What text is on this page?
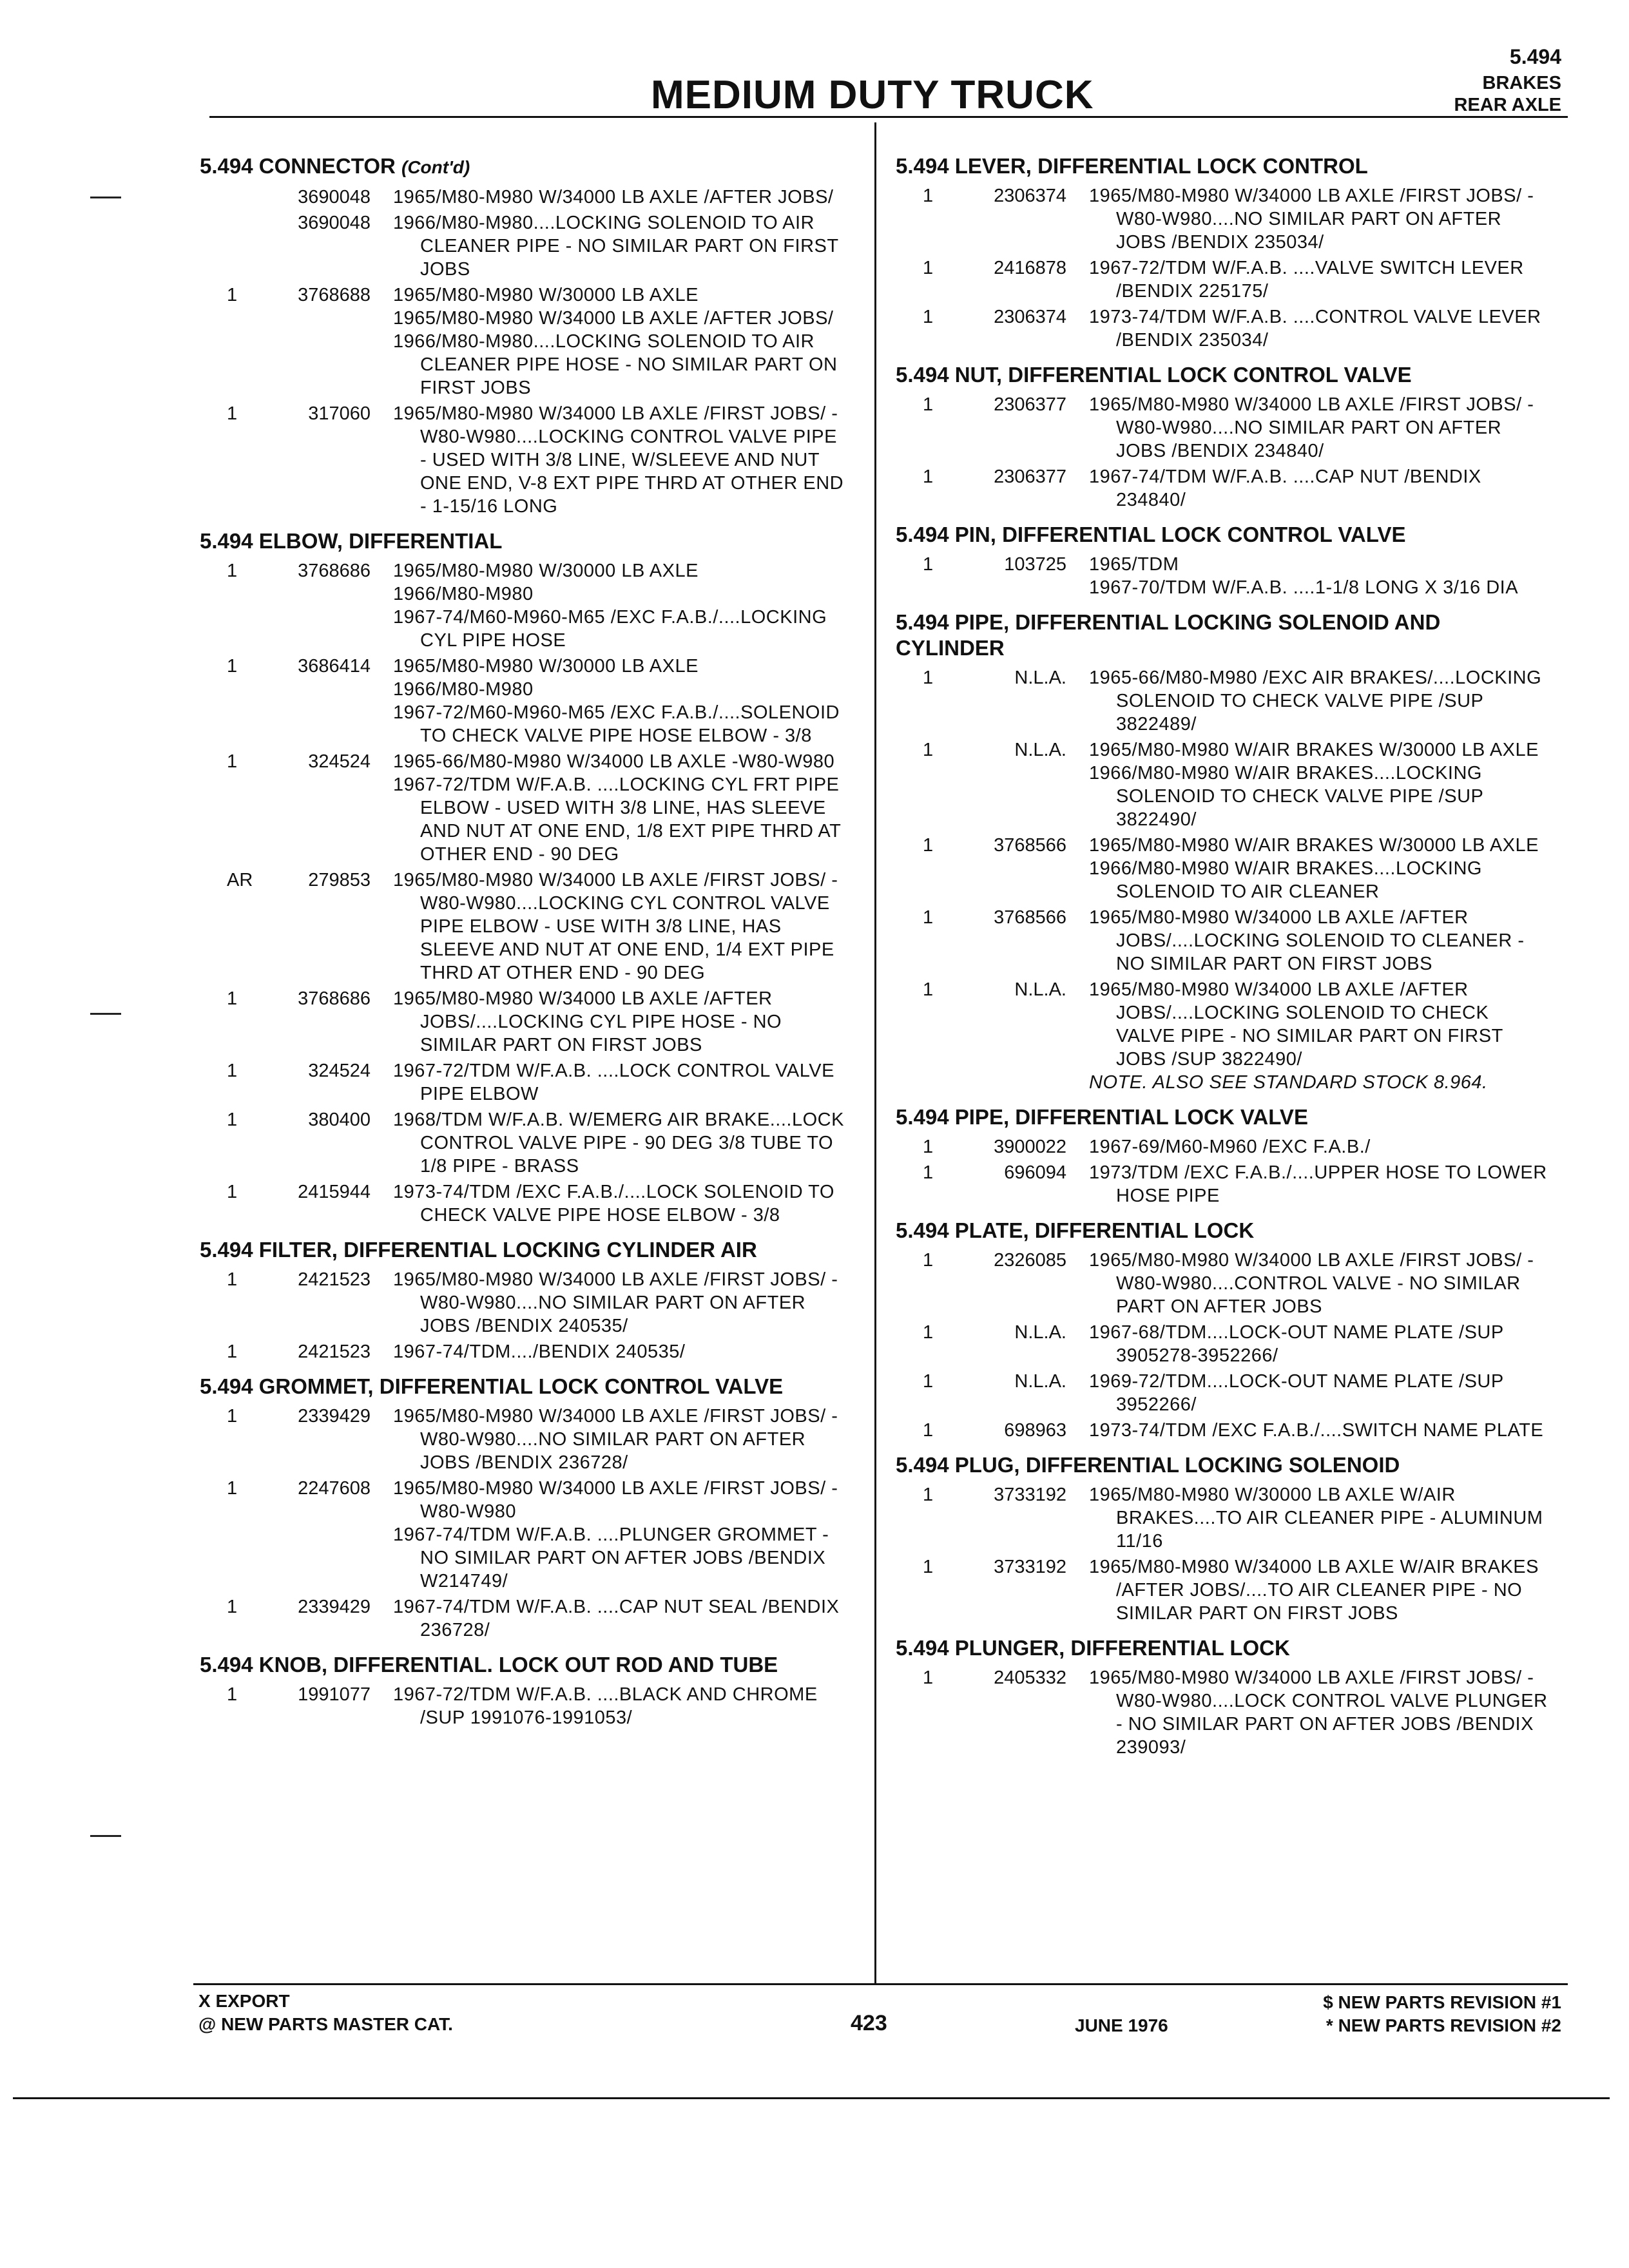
5.494
MEDIUM DUTY TRUCK	BRAKES
REAR AXLE
5.494 CONNECTOR (Cont'd)
3690048 1965/M80-M980 W/34000 LB AXLE /AFTER JOBS/
3690048 1966/M80-M980....LOCKING SOLENOID TO AIR CLEANER PIPE - NO SIMILAR PART ON FIRST JOBS
1	3768688 1965/M80-M980 W/30000 LB AXLE
1965/M80-M980 W/34000 LB AXLE /AFTER JOBS/
1966/M80-M980....LOCKING SOLENOID TO AIR CLEANER PIPE HOSE - NO SIMILAR PART ON FIRST JOBS
1	317060 1965/M80-M980 W/34000 LB AXLE /FIRST JOBS/ -W80-W980....LOCKING CONTROL VALVE PIPE - USED WITH 3/8 LINE, W/SLEEVE AND NUT ONE END, V-8 EXT PIPE THRD AT OTHER END - 1-15/16 LONG
5.494 ELBOW, DIFFERENTIAL
1	3768686 1965/M80-M980 W/30000 LB AXLE
1966/M80-M980
1967-74/M60-M960-M65 /EXC F.A.B./....LOCKING CYL PIPE HOSE
1	3686414 1965/M80-M980 W/30000 LB AXLE
1966/M80-M980
1967-72/M60-M960-M65 /EXC F.A.B./....SOLENOID TO CHECK VALVE PIPE HOSE ELBOW - 3/8
1	324524 1965-66/M80-M980 W/34000 LB AXLE -W80-W980
1967-72/TDM W/F.A.B. ....LOCKING CYL FRT PIPE ELBOW - USED WITH 3/8 LINE, HAS SLEEVE AND NUT AT ONE END, 1/8 EXT PIPE THRD AT OTHER END - 90 DEG
AR	279853 1965/M80-M980 W/34000 LB AXLE /FIRST JOBS/ -W80-W980....LOCKING CYL CONTROL VALVE PIPE ELBOW - USE WITH 3/8 LINE, HAS SLEEVE AND NUT AT ONE END, 1/4 EXT PIPE THRD AT OTHER END - 90 DEG
1	3768686 1965/M80-M980 W/34000 LB AXLE /AFTER JOBS/....LOCKING CYL PIPE HOSE - NO SIMILAR PART ON FIRST JOBS
1	324524 1967-72/TDM W/F.A.B. ....LOCK CONTROL VALVE PIPE ELBOW
1	380400 1968/TDM W/F.A.B. W/EMERG AIR BRAKE....LOCK CONTROL VALVE PIPE - 90 DEG 3/8 TUBE TO 1/8 PIPE - BRASS
1	2415944 1973-74/TDM /EXC F.A.B./....LOCK SOLENOID TO CHECK VALVE PIPE HOSE ELBOW - 3/8
5.494 FILTER, DIFFERENTIAL LOCKING CYLINDER AIR
1	2421523 1965/M80-M980 W/34000 LB AXLE /FIRST JOBS/ -W80-W980....NO SIMILAR PART ON AFTER JOBS /BENDIX 240535/
1	2421523 1967-74/TDM..../BENDIX 240535/
5.494 GROMMET, DIFFERENTIAL LOCK CONTROL VALVE
1	2339429 1965/M80-M980 W/34000 LB AXLE /FIRST JOBS/ -W80-W980....NO SIMILAR PART ON AFTER JOBS /BENDIX 236728/
1	2247608 1965/M80-M980 W/34000 LB AXLE /FIRST JOBS/ -W80-W980
1967-74/TDM W/F.A.B. ....PLUNGER GROMMET - NO SIMILAR PART ON AFTER JOBS /BENDIX W214749/
1	2339429 1967-74/TDM W/F.A.B. ....CAP NUT SEAL /BENDIX 236728/
5.494 KNOB, DIFFERENTIAL. LOCK OUT ROD AND TUBE
1	1991077 1967-72/TDM W/F.A.B. ....BLACK AND CHROME /SUP 1991076-1991053/
5.494 LEVER, DIFFERENTIAL LOCK CONTROL
1	2306374 1965/M80-M980 W/34000 LB AXLE /FIRST JOBS/ -W80-W980....NO SIMILAR PART ON AFTER JOBS /BENDIX 235034/
1	2416878 1967-72/TDM W/F.A.B. ....VALVE SWITCH LEVER /BENDIX 225175/
1	2306374 1973-74/TDM W/F.A.B. ....CONTROL VALVE LEVER /BENDIX 235034/
5.494 NUT, DIFFERENTIAL LOCK CONTROL VALVE
1	2306377 1965/M80-M980 W/34000 LB AXLE /FIRST JOBS/ -W80-W980....NO SIMILAR PART ON AFTER JOBS /BENDIX 234840/
1	2306377 1967-74/TDM W/F.A.B. ....CAP NUT /BENDIX 234840/
5.494 PIN, DIFFERENTIAL LOCK CONTROL VALVE
1	103725 1965/TDM
1967-70/TDM W/F.A.B. ....1-1/8 LONG X 3/16 DIA
5.494 PIPE, DIFFERENTIAL LOCKING SOLENOID AND CYLINDER
1	N.L.A. 1965-66/M80-M980 /EXC AIR BRAKES/....LOCKING SOLENOID TO CHECK VALVE PIPE /SUP 3822489/
1	N.L.A. 1965/M80-M980 W/AIR BRAKES W/30000 LB AXLE
1966/M80-M980 W/AIR BRAKES....LOCKING SOLENOID TO CHECK VALVE PIPE /SUP 3822490/
1	3768566 1965/M80-M980 W/AIR BRAKES W/30000 LB AXLE
1966/M80-M980 W/AIR BRAKES....LOCKING SOLENOID TO AIR CLEANER
1	3768566 1965/M80-M980 W/34000 LB AXLE /AFTER JOBS/....LOCKING SOLENOID TO CLEANER - NO SIMILAR PART ON FIRST JOBS
1	N.L.A. 1965/M80-M980 W/34000 LB AXLE /AFTER JOBS/....LOCKING SOLENOID TO CHECK VALVE PIPE - NO SIMILAR PART ON FIRST JOBS /SUP 3822490/
NOTE. ALSO SEE STANDARD STOCK 8.964.
5.494 PIPE, DIFFERENTIAL LOCK VALVE
1	3900022 1967-69/M60-M960 /EXC F.A.B./
1	696094 1973/TDM /EXC F.A.B./....UPPER HOSE TO LOWER HOSE PIPE
5.494 PLATE, DIFFERENTIAL LOCK
1	2326085 1965/M80-M980 W/34000 LB AXLE /FIRST JOBS/ -W80-W980....CONTROL VALVE - NO SIMILAR PART ON AFTER JOBS
1	N.L.A. 1967-68/TDM....LOCK-OUT NAME PLATE /SUP 3905278-3952266/
1	N.L.A. 1969-72/TDM....LOCK-OUT NAME PLATE /SUP 3952266/
1	698963 1973-74/TDM /EXC F.A.B./....SWITCH NAME PLATE
5.494 PLUG, DIFFERENTIAL LOCKING SOLENOID
1	3733192 1965/M80-M980 W/30000 LB AXLE W/AIR BRAKES....TO AIR CLEANER PIPE - ALUMINUM 11/16
1	3733192 1965/M80-M980 W/34000 LB AXLE W/AIR BRAKES /AFTER JOBS/....TO AIR CLEANER PIPE - NO SIMILAR PART ON FIRST JOBS
5.494 PLUNGER, DIFFERENTIAL LOCK
1	2405332 1965/M80-M980 W/34000 LB AXLE /FIRST JOBS/ -W80-W980....LOCK CONTROL VALVE PLUNGER - NO SIMILAR PART ON AFTER JOBS /BENDIX 239093/
X EXPORT
@ NEW PARTS MASTER CAT.	423	JUNE 1976
$ NEW PARTS REVISION #1
* NEW PARTS REVISION #2
